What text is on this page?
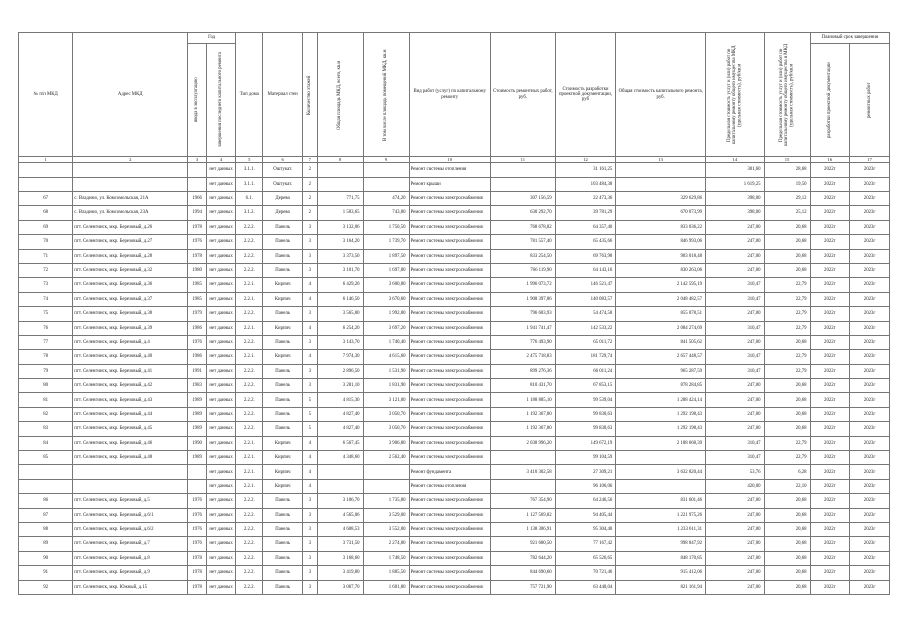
№ п/п МКД	Адрес МКД	Год		Тип дома	Материал стен	Количество этажей	Общая площадь МКД, всего, кв.м	В том числе площадь помещений МКД, кв.м	Вид работ (услуг) по капитальному ремонту	Стоимость ремонтных работ, руб.	Стоимость разработки проектной документации, руб	Общая стоимость капитального ремонта, руб.	Предельная стоимость услуг и (или) работ по капитальному ремонту общего имущества МКД (удельная стоимость), руб/кв.м	Предельная стоимость услуг и (или) работ по капитальному ремонту общего имущества в МКД (удельная стоимость), руб/кв.м	Плановый срок завершения	

		ввода в эксплуатацию	завершения последнего капитального ремонта												разработки проектной документации	ремонтных работ

1	2	3	4	5	6	7	8	9	10	11	12	13	14	15	16	17
			нет данных	3.1.1.	Оштукат.	2			Ремонт системы отопления		31 161,25		301,60	28,68	2022г	2023г
			нет данных	3.1.1.	Оштукат.	2			Ремонт крыши		103 484,38		1 619,25	19,50	2022г	2023г
67	с. Владимо, ул. Комсомольская, 21А	1966	нет данных	6.1.	Дерево	2	771,75	474,20	Ремонт системы электроснабжения	307 156,59	22 473,36	329 629,86	398,00	29,12	2022г	2023г
68	с. Владимо, ул. Комсомольская, 23А	1994	нет данных	3.1.2.	Дерево	2	1 583,65	743,80	Ремонт системы электроснабжения	630 292,70	39 781,29	670 073,99	398,00	25,12	2022г	2023г
69	пгт. Селенгинск, мкр. Березовый, д.26	1978	нет данных	2.2.2.	Панель	3	3 132,06	1 750,50	Ремонт системы электроснабжения	768 678,82	64 357,40	833 036,22	247,00	20,68	2022г	2023г
70	пгт. Селенгинск, мкр. Березовый, д.27	1976	нет данных	2.2.2.	Панель	3	3 164,20	1 739,70	Ремонт системы электроснабжения	781 557,40	65 435,66	846 993,06	247,00	20,68	2022г	2023г
71	пгт. Селенгинск, мкр. Березовый, д.28	1978	нет данных	2.2.2.	Панель	3	3 373,50	1 897,50	Ремонт системы электроснабжения	833 254,50	69 763,98	903 018,48	247,00	20,68	2022г	2023г
72	пгт. Селенгинск, мкр. Березовый, д.32	1980	нет данных	2.2.2.	Панель	3	3 101,70	1 697,80	Ремонт системы электроснабжения	766 119,90	64 143,16	830 263,06	247,00	20,68	2022г	2023г
73	пгт. Селенгинск, мкр. Березовый, д.36	1985	нет данных	2.2.1.	Кирпич	4	6 429,20	3 600,80	Ремонт системы электроснабжения	1 996 073,72	146 521,47	2 142 595,19	310,47	22,79	2022г	2023г
74	пгт. Селенгинск, мкр. Березовый, д.37	1985	нет данных	2.2.1.	Кирпич	4	6 146,50	3 670,60	Ремонт системы электроснабжения	1 908 397,86	140 083,57	2 048 482,57	310,47	22,79	2022г	2023г
75	пгт. Селенгинск, мкр. Березовый, д.38	1979	нет данных	2.2.2.	Панель	3	3 565,80	1 992,80	Ремонт системы электроснабжения	796 603,93	54 474,58	855 078,51	247,00	22,79	2022г	2023г
76	пгт. Селенгинск, мкр. Березовый, д.39	1986	нет данных	2.2.1.	Кирпич	4	6 254,20	3 697,20	Ремонт системы электроснабжения	1 941 741,47	142 533,22	2 084 274,69	310,47	22,79	2022г	2023г
77	пгт. Селенгинск, мкр. Березовый, д.4	1976	нет данных	2.2.2.	Панель	3	3 143,70	1 740,40	Ремонт системы электроснабжения	776 493,90	65 011,72	841 505,62	247,00	20,68	2022г	2023г
78	пгт. Селенгинск, мкр. Березовый, д.40	1986	нет данных	2.2.1.	Кирпич	4	7 974,30	4 615,60	Ремонт системы электроснабжения	2 475 718,83	181 729,74	2 657 448,57	310,47	22,79	2022г	2023г
79	пгт. Селенгинск, мкр. Березовый, д.41	1991	нет данных	2.2.2.	Панель	3	2 896,50	1 531,90	Ремонт системы электроснабжения	899 276,36	66 011,24	965 287,59	310,47	22,79	2022г	2023г
80	пгт. Селенгинск, мкр. Березовый, д.42	1983	нет данных	2.2.2.	Панель	3	3 281,10	1 831,90	Ремонт системы электроснабжения	810 431,70	67 853,15	878 284,85	247,00	20,68	2022г	2023г
81	пгт. Селенгинск, мкр. Березовый, д.43	1989	нет данных	2.2.2.	Панель	5	4 815,30	3 121,00	Ремонт системы электроснабжения	1 188 885,10	99 539,04	1 288 424,14	247,00	20,68	2022г	2023г
82	пгт. Селенгинск, мкр. Березовый, д.44	1989	нет данных	2.2.2.	Панель	5	4 827,40	3 050,70	Ремонт системы электроснабжения	1 192 367,80	99 830,63	1 292 198,43	247,00	20,68	2022г	2023г
83	пгт. Селенгинск, мкр. Березовый, д.45	1989	нет данных	2.2.2.	Панель	5	4 827,40	3 050,70	Ремонт системы электроснабжения	1 192 367,80	99 830,63	1 292 198,43	247,00	20,68	2022г	2023г
84	пгт. Селенгинск, мкр. Березовый, д.46	1990	нет данных	2.2.1.	Кирпич	4	6 567,45	3 906,80	Ремонт системы электроснабжения	2 038 996,20	149 672,19	2 188 668,39	310,47	22,79	2022г	2023г
85	пгт. Селенгинск, мкр. Березовый, д.48	1989	нет данных	2.2.1.	Кирпич	4	4 348,60	2 562,40	Ремонт системы электроснабжения		99 104,59		310,47	22,79	2022г	2023г
			нет данных	2.2.1.	Кирпич	4			Ремонт фундамента	3 410 302,58	27 309,21	3 632 820,44	53,76	6,28	2022г	2023г
			нет данных	2.2.1.	Кирпич	4			Ремонт системы отопления		96 106,06		420,00	22,10	2022г	2023г
86	пгт. Селенгинск, мкр. Березовый, д.5	1976	нет данных	2.2.2.	Панель	3	3 106,70	1 735,80	Ремонт системы электроснабжения	767 354,90	64 246,56	831 601,46	247,00	20,68	2022г	2023г
87	пгт. Селенгинск, мкр. Березовый, д.6/1	1976	нет данных	2.2.2.	Панель	3	4 565,06	3 529,00	Ремонт системы электроснабжения	1 127 569,82	94 405,44	1 221 975,26	247,00	20,68	2022г	2023г
88	пгт. Селенгинск, мкр. Березовый, д.6/2	1976	нет данных	2.2.2.	Панель	3	4 608,53	3 552,00	Ремонт системы электроснабжения	1 138 306,91	95 304,40	1 233 611,31	247,00	20,68	2022г	2023г
89	пгт. Селенгинск, мкр. Березовый, д.7	1976	нет данных	2.2.2.	Панель	3	3 731,50	2 274,80	Ремонт системы электроснабжения	921 680,50	77 167,42	998 847,92	247,00	20,68	2022г	2023г
90	пгт. Селенгинск, мкр. Березовый, д.8	1978	нет данных	2.2.2.	Панель	3	3 168,60	1 748,50	Ремонт системы электроснабжения	782 644,20	65 526,65	848 170,85	247,00	20,68	2022г	2023г
91	пгт. Селенгинск, мкр. Березовый, д.9	1978	нет данных	2.2.2.	Панель	3	3 419,80	1 885,50	Ремонт системы электроснабжения	844 690,60	70 721,46	915 412,06	247,00	20,68	2022г	2023г
92	пгт. Селенгинск, мкр. Южный, д.15	1978	нет данных	2.2.2.	Панель	3	3 067,70	1 601,80	Ремонт системы электроснабжения	757 721,90	63 440,04	821 161,94	247,00	20,68	2022г	2023г
